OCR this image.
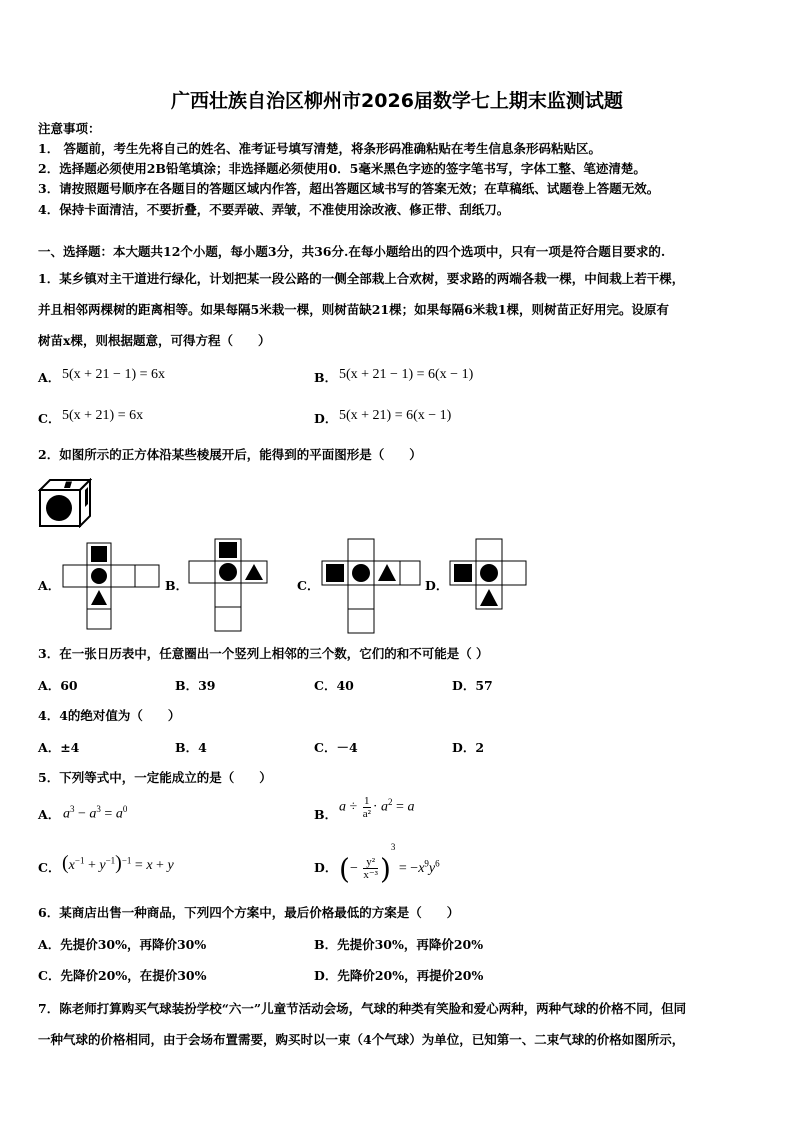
广西壮族自治区柳州市2026届数学七上期末监测试题
注意事项：
1． 答题前，考生先将自己的姓名、准考证号填写清楚，将条形码准确粘贴在考生信息条形码粘贴区。
2．选择题必须使用2B铅笔填涂；非选择题必须使用0．5毫米黑色字迹的签字笔书写，字体工整、笔迹清楚。
3．请按照题号顺序在各题目的答题区域内作答，超出答题区域书写的答案无效；在草稿纸、试题卷上答题无效。
4．保持卡面清洁，不要折叠，不要弄破、弄皱，不准使用涂改液、修正带、刮纸刀。
一、选择题：本大题共12个小题，每小题3分，共36分.在每小题给出的四个选项中，只有一项是符合题目要求的.
1．某乡镇对主干道进行绿化，计划把某一段公路的一侧全部栽上合欢树，要求路的两端各栽一棵，中间栽上若干棵，
并且相邻两棵树的距离相等。如果每隔5米栽一棵，则树苗缺21棵；如果每隔6米栽1棵，则树苗正好用完。设原有
树苗x棵，则根据题意，可得方程（　　）
A． 5(x + 21 − 1) = 6x	B． 5(x + 21 − 1) = 6(x − 1)
C． 5(x + 21) = 6x	D． 5(x + 21) = 6(x − 1)
2．如图所示的正方体沿某些棱展开后，能得到的平面图形是（　　）
A．	B．	C．	D．
3．在一张日历表中，任意圈出一个竖列上相邻的三个数，它们的和不可能是（ ）
A．60	B．39	C．40	D．57
4．4的绝对值为（　　）
A．±4	B．4	C．－4	D．2
5．下列等式中，一定能成立的是（　　）
A． $a^3 - a^3 = a^0$	B． $a \div \frac{1}{\text{a²}} \cdot a^2 = a$
C． $(x^{-1} + y^{-1})^{-1} = x + y$	D． (− $\frac{\text{y²}}{\text{x⁻³}} )^3 = -x^9y^6$
6．某商店出售一种商品，下列四个方案中，最后价格最低的方案是（　　）
A．先提价30%，再降价30%	B．先提价30%，再降价20%
C．先降价20%，在提价30%	D．先降价20%，再提价20%
7．陈老师打算购买气球装扮学校“六一”儿童节活动会场，气球的种类有笑脸和爱心两种，两种气球的价格不同，但同
一种气球的价格相同，由于会场布置需要，购买时以一束（4个气球）为单位，已知第一、二束气球的价格如图所示，
